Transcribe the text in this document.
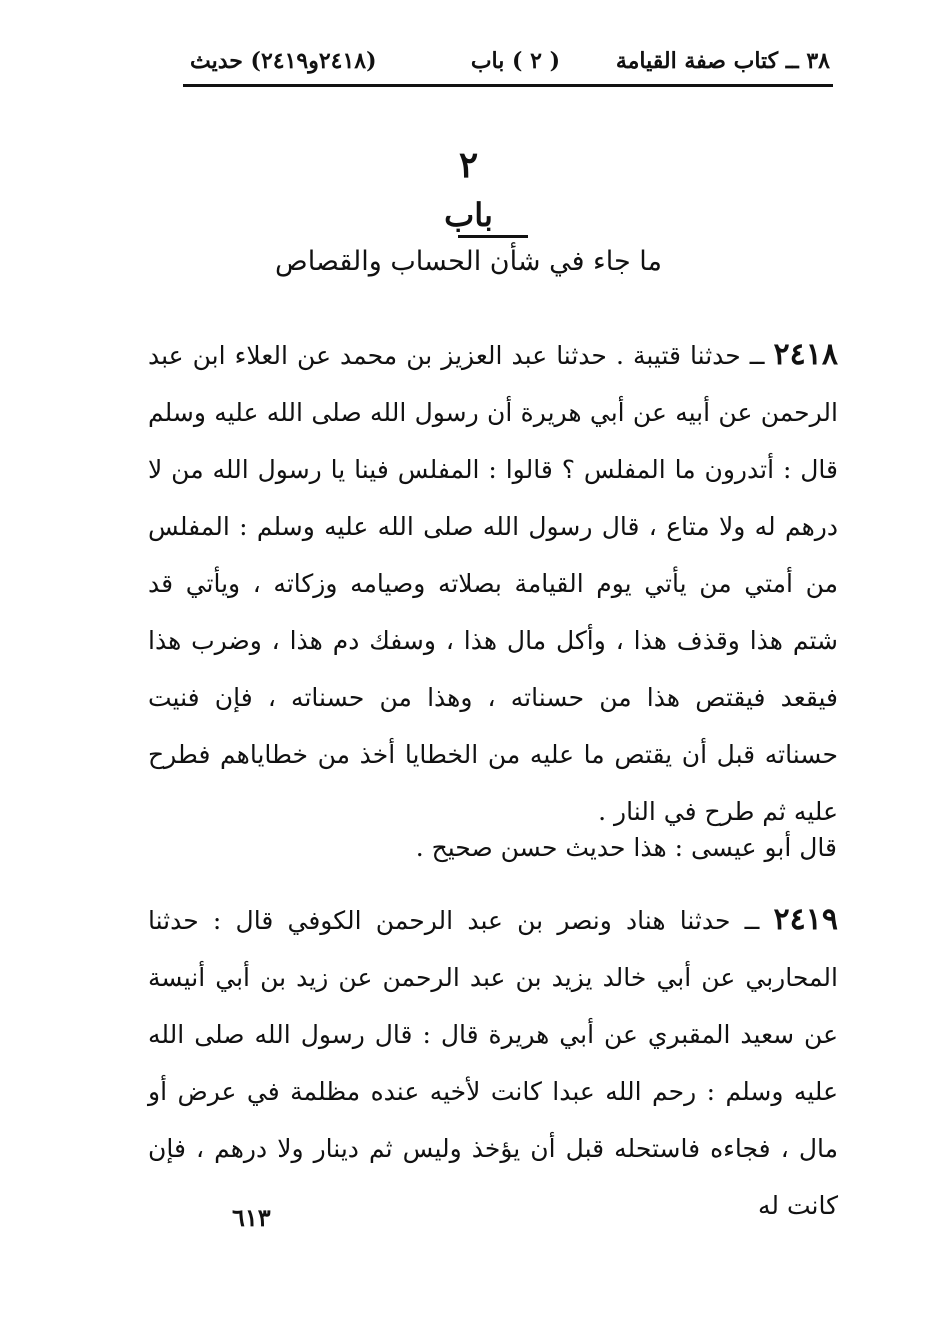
٣٨ ــ كتاب صفة القيامة
( ٢ ) باب
(٢٤١٨و٢٤١٩) حديث
٢
باب
ما جاء في شأن الحساب والقصاص

٢٤١٨ ــ حدثنا قتيبة . حدثنا عبد العزيز بن محمد عن العلاء ابن عبد الرحمن عن أبيه عن أبي هريرة أن رسول الله صلى الله عليه وسلم قال : أتدرون ما المفلس ؟ قالوا : المفلس فينا يا رسول الله من لا درهم له ولا متاع ، قال رسول الله صلى الله عليه وسلم : المفلس من أمتي من يأتي يوم القيامة بصلاته وصيامه وزكاته ، ويأتي قد شتم هذا وقذف هذا ، وأكل مال هذا ، وسفك دم هذا ، وضرب هذا فيقعد فيقتص هذا من حسناته ، وهذا من حسناته ، فإن فنيت حسناته قبل أن يقتص ما عليه من الخطايا أخذ من خطاياهم فطرح عليه ثم طرح في النار .

قال أبو عيسى : هذا حديث حسن صحيح .

٢٤١٩ ــ حدثنا هناد ونصر بن عبد الرحمن الكوفي قال : حدثنا المحاربي عن أبي خالد يزيد بن عبد الرحمن عن زيد بن أبي أنيسة عن سعيد المقبري عن أبي هريرة قال : قال رسول الله صلى الله عليه وسلم : رحم الله عبدا كانت لأخيه عنده مظلمة في عرض أو مال ، فجاءه فاستحله قبل أن يؤخذ وليس ثم دينار ولا درهم ، فإن كانت له

٦١٣
